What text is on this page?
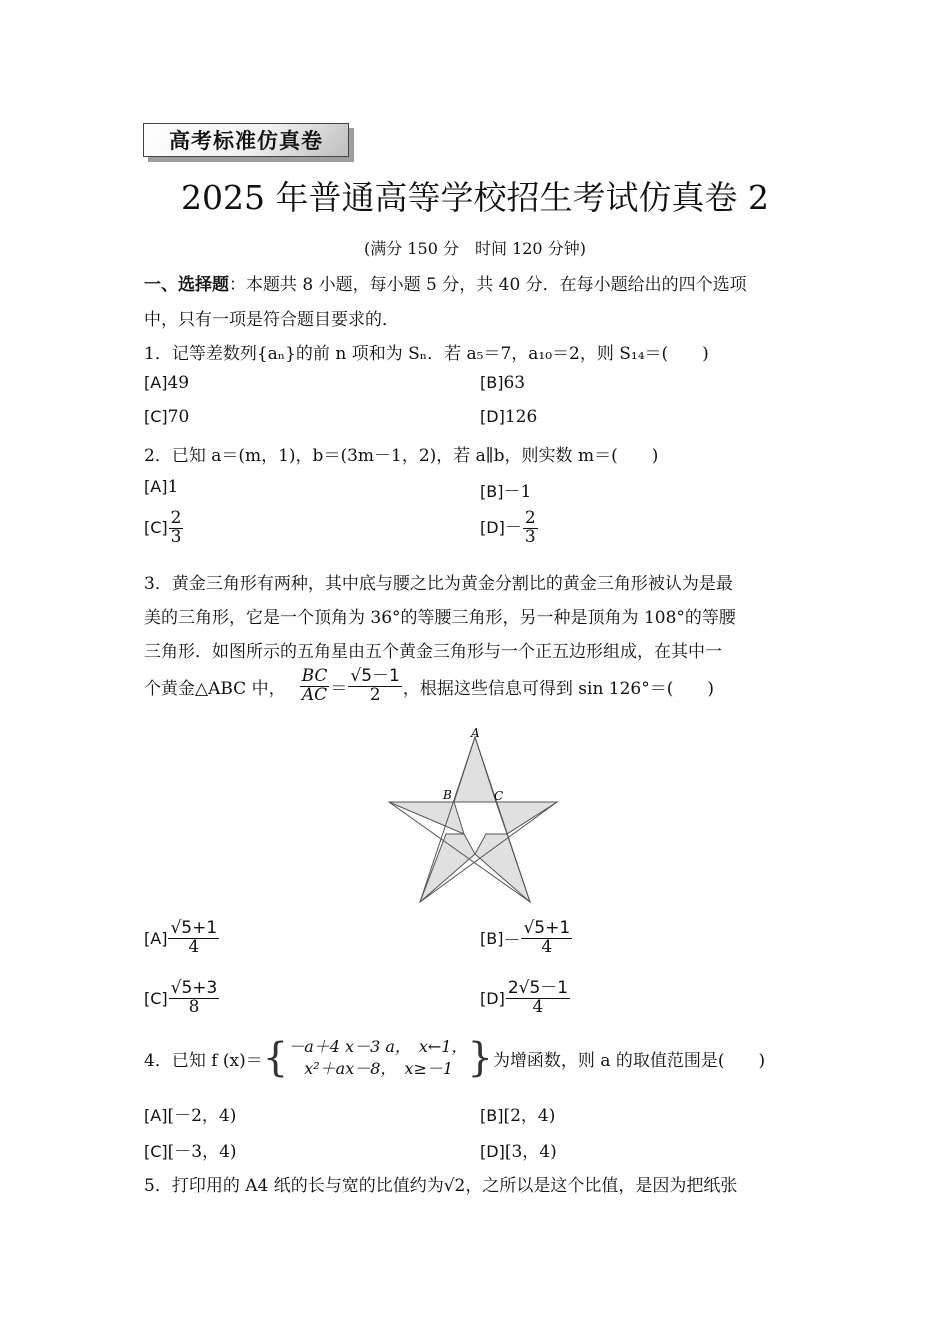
高考标准仿真卷
2025 年普通高等学校招生考试仿真卷 2
(满分 150 分　时间 120 分钟)
一、选择题：本题共 8 小题，每小题 5 分，共 40 分．在每小题给出的四个选项
中，只有一项是符合题目要求的．
1．记等差数列{aₙ}的前 n 项和为 Sₙ．若 a₅＝7，a₁₀＝2，则 S₁₄＝(　　)
[A]49	[B]63
[C]70	[D]126
2．已知 a＝(m，1)，b＝(3m－1，2)，若 a∥b，则实数 m＝(　　)
[A]1	[B]－1
$[C] \frac{2}{3}$	$[D]- \frac{2}{3}$
3．黄金三角形有两种，其中底与腰之比为黄金分割比的黄金三角形被认为是最
美的三角形，它是一个顶角为 36°的等腰三角形，另一种是顶角为 108°的等腰
三角形．如图所示的五角星由五个黄金三角形与一个正五边形组成，在其中一
个黄金△ABC 中， $\frac{BC}{AC} = \frac{√5-1}{2}$ ，根据这些信息可得到 sin 126°＝(　　)
A
B	C
$[A] \frac{√5+1}{4}$	$[B] - \frac{√5+1}{4}$
$[C] \frac{√5+3}{8}$	$[D] \frac{2√5-1}{4}$
4．已知 f (x)＝ { －a＋4 x－3 a，　x←1，
x²＋ax－8，　x≥－1 } 为增函数，则 a 的取值范围是(　　)
[A][－2，4)	[B][2，4)
[C][－3，4)	[D][3，4)
5．打印用的 A4 纸的长与宽的比值约为√2，之所以是这个比值，是因为把纸张
